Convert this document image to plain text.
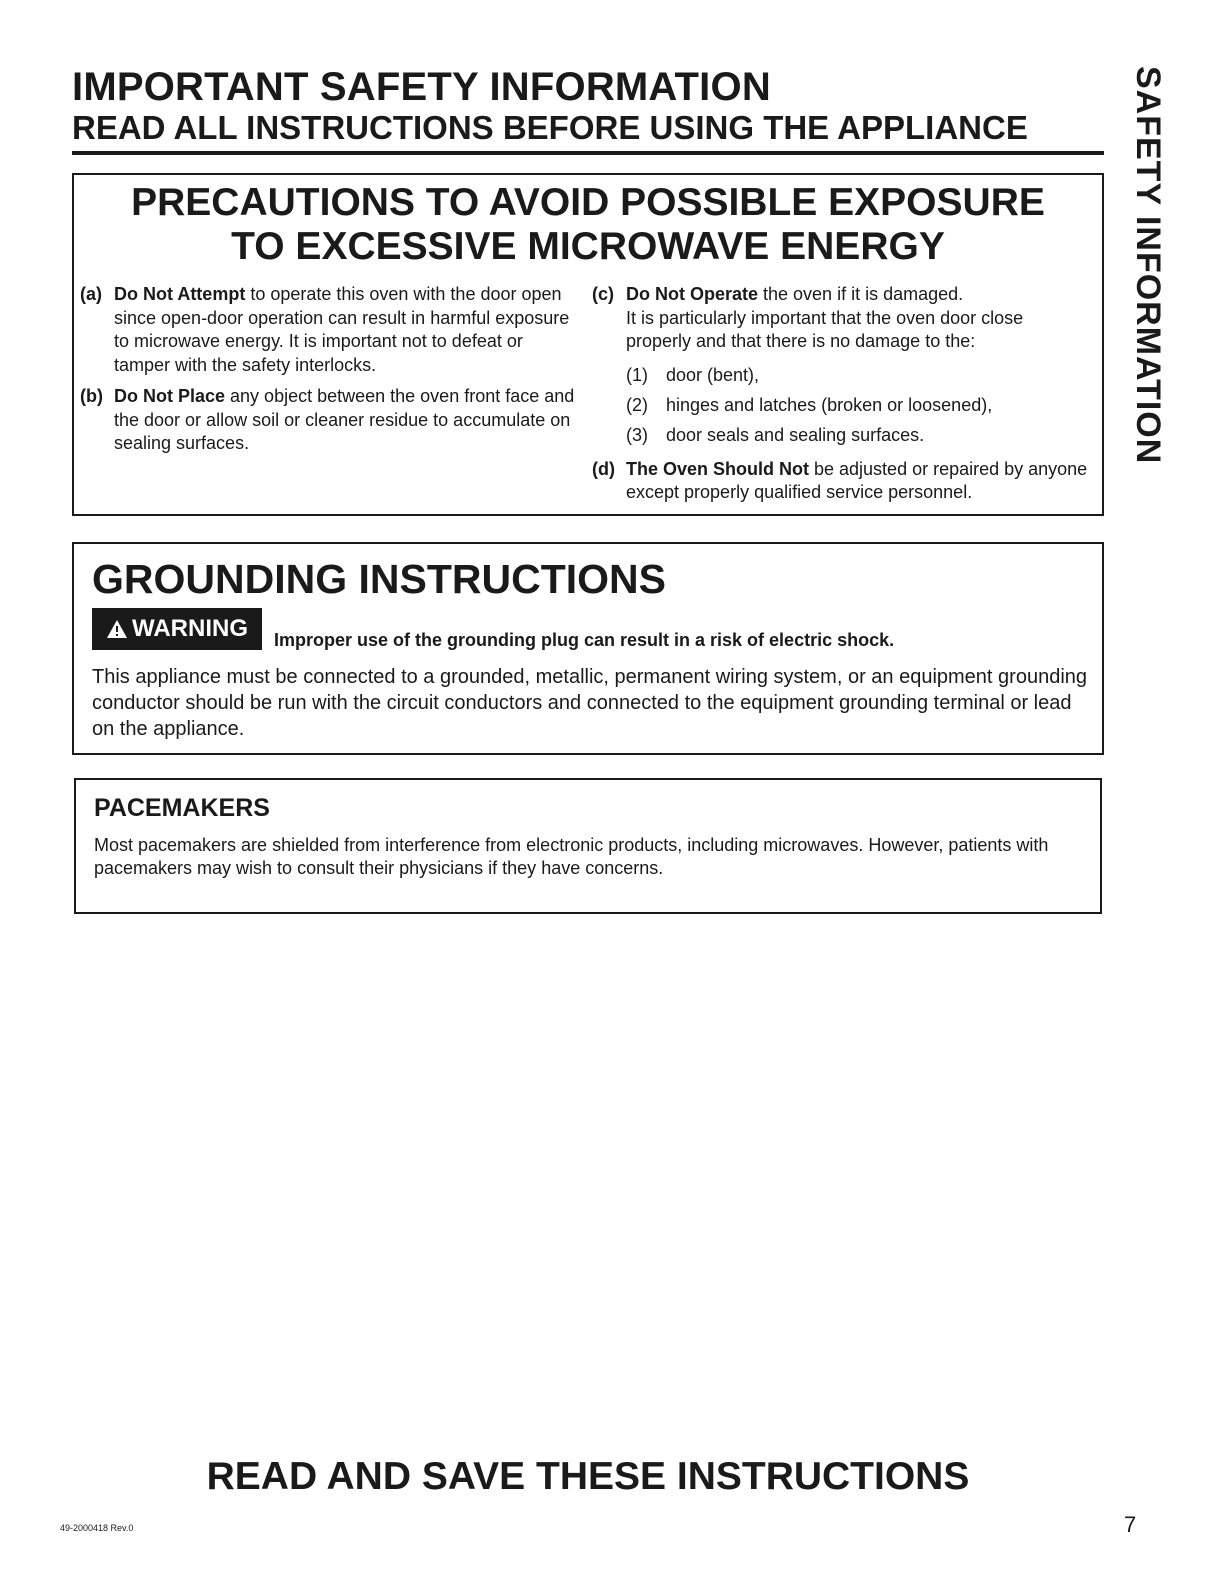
IMPORTANT SAFETY INFORMATION
READ ALL INSTRUCTIONS BEFORE USING THE APPLIANCE	SAFETY INFORMATION
PRECAUTIONS TO AVOID POSSIBLE EXPOSURE
TO EXCESSIVE MICROWAVE ENERGY
(a) Do Not Attempt to operate this oven with the door open since open-door operation can result in harmful exposure to microwave energy. It is important not to defeat or tamper with the safety interlocks.
(b) Do Not Place any object between the oven front face and the door or allow soil or cleaner residue to accumulate on sealing surfaces.
(c) Do Not Operate the oven if it is damaged.
It is particularly important that the oven door close properly and that there is no damage to the:
(1)	door (bent),
(2)	hinges and latches (broken or loosened),
(3)	door seals and sealing surfaces.
(d) The Oven Should Not be adjusted or repaired by anyone except properly qualified service personnel.
GROUNDING INSTRUCTIONS
WARNING Improper use of the grounding plug can result in a risk of electric shock.
This appliance must be connected to a grounded, metallic, permanent wiring system, or an equipment grounding conductor should be run with the circuit conductors and connected to the equipment grounding terminal or lead on the appliance.
PACEMAKERS
Most pacemakers are shielded from interference from electronic products, including microwaves. However, patients with pacemakers may wish to consult their physicians if they have concerns.
READ AND SAVE THESE INSTRUCTIONS
49-2000418 Rev.0	7
